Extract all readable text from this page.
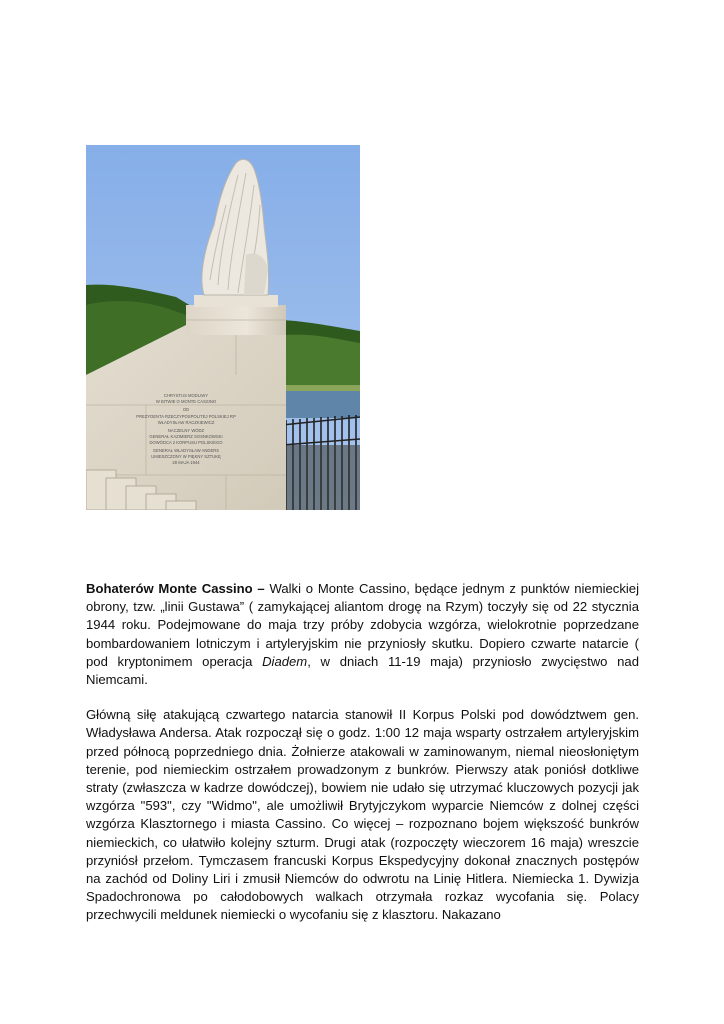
CHRYSTUS MODLIWY
W BITWIE O MONTE CASSINO
OD
PREZYDENTA RZECZYPOSPOLITEJ POLSKIEJ RP
WŁADYSŁAW RACZKIEWICZ
NACZELNY WÓDZ
GENERAŁ KAZIMIERZ SOSNKOWSKI
DOWÓDCA 2 KORPUSU POLSKIEGO
GENERAŁ WŁADYSŁAW ANDERS
UMIESZCZONY W PIĘKNY SZTUKĘ
28 MAJA 1944

Bohaterów Monte Cassino – Walki o Monte Cassino, będące jednym z punktów niemieckiej obrony, tzw. „linii Gustawa” ( zamykającej aliantom drogę na Rzym) toczyły się od 22 stycznia 1944 roku. Podejmowane do maja trzy próby zdobycia wzgórza, wielokrotnie poprzedzane bombardowaniem lotniczym i artyleryjskim nie przyniosły skutku. Dopiero czwarte natarcie ( pod kryptonimem operacja Diadem, w dniach 11-19 maja) przyniosło zwycięstwo nad Niemcami.

Główną siłę atakującą czwartego natarcia stanowił II Korpus Polski pod dowództwem gen. Władysława Andersa. Atak rozpoczął się o godz. 1:00 12 maja wsparty ostrzałem artyleryjskim przed północą poprzedniego dnia. Żołnierze atakowali w zaminowanym, niemal nieosłoniętym terenie, pod niemieckim ostrzałem prowadzonym z bunkrów. Pierwszy atak poniósł dotkliwe straty (zwłaszcza w kadrze dowódczej), bowiem nie udało się utrzymać kluczowych pozycji jak wzgórza "593", czy "Widmo", ale umożliwił Brytyjczykom wyparcie Niemców z dolnej części wzgórza Klasztornego i miasta Cassino. Co więcej – rozpoznano bojem większość bunkrów niemieckich, co ułatwiło kolejny szturm. Drugi atak (rozpoczęty wieczorem 16 maja) wreszcie przyniósł przełom. Tymczasem francuski Korpus Ekspedycyjny dokonał znacznych postępów na zachód od Doliny Liri i zmusił Niemców do odwrotu na Linię Hitlera. Niemiecka 1. Dywizja Spadochronowa po całodobowych walkach otrzymała rozkaz wycofania się. Polacy przechwycili meldunek niemiecki o wycofaniu się z klasztoru. Nakazano
